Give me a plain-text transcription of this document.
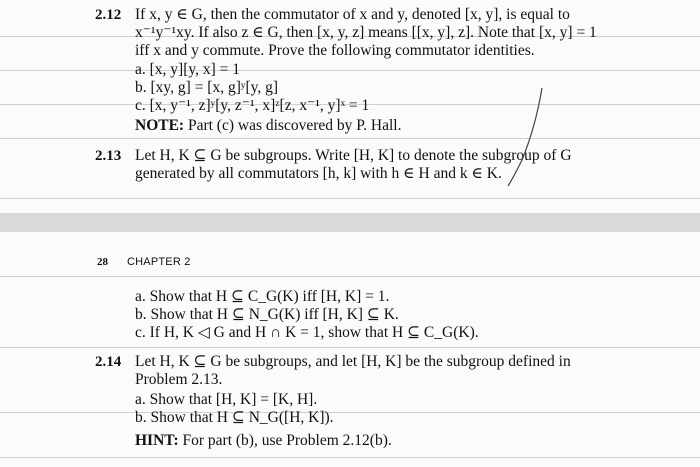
2.12 If x, y ∈ G, then the commutator of x and y, denoted [x, y], is equal to
x⁻¹y⁻¹xy. If also z ∈ G, then [x, y, z] means [[x, y], z]. Note that [x, y] = 1
iff x and y commute. Prove the following commutator identities.
a. [x, y][y, x] = 1
b. [xy, g] = [x, g]ʸ[y, g]
c. [x, y⁻¹, z]ʸ[y, z⁻¹, x]ᶻ[z, x⁻¹, y]ˣ = 1
NOTE: Part (c) was discovered by P. Hall.
2.13 Let H, K ⊆ G be subgroups. Write [H, K] to denote the subgroup of G
generated by all commutators [h, k] with h ∈ H and k ∈ K.
28 CHAPTER 2
a. Show that H ⊆ C_G(K) iff [H, K] = 1.
b. Show that H ⊆ N_G(K) iff [H, K] ⊆ K.
c. If H, K ◁ G and H ∩ K = 1, show that H ⊆ C_G(K).
2.14 Let H, K ⊆ G be subgroups, and let [H, K] be the subgroup defined in
Problem 2.13.
a. Show that [H, K] = [K, H].
b. Show that H ⊆ N_G([H, K]).
HINT: For part (b), use Problem 2.12(b).
